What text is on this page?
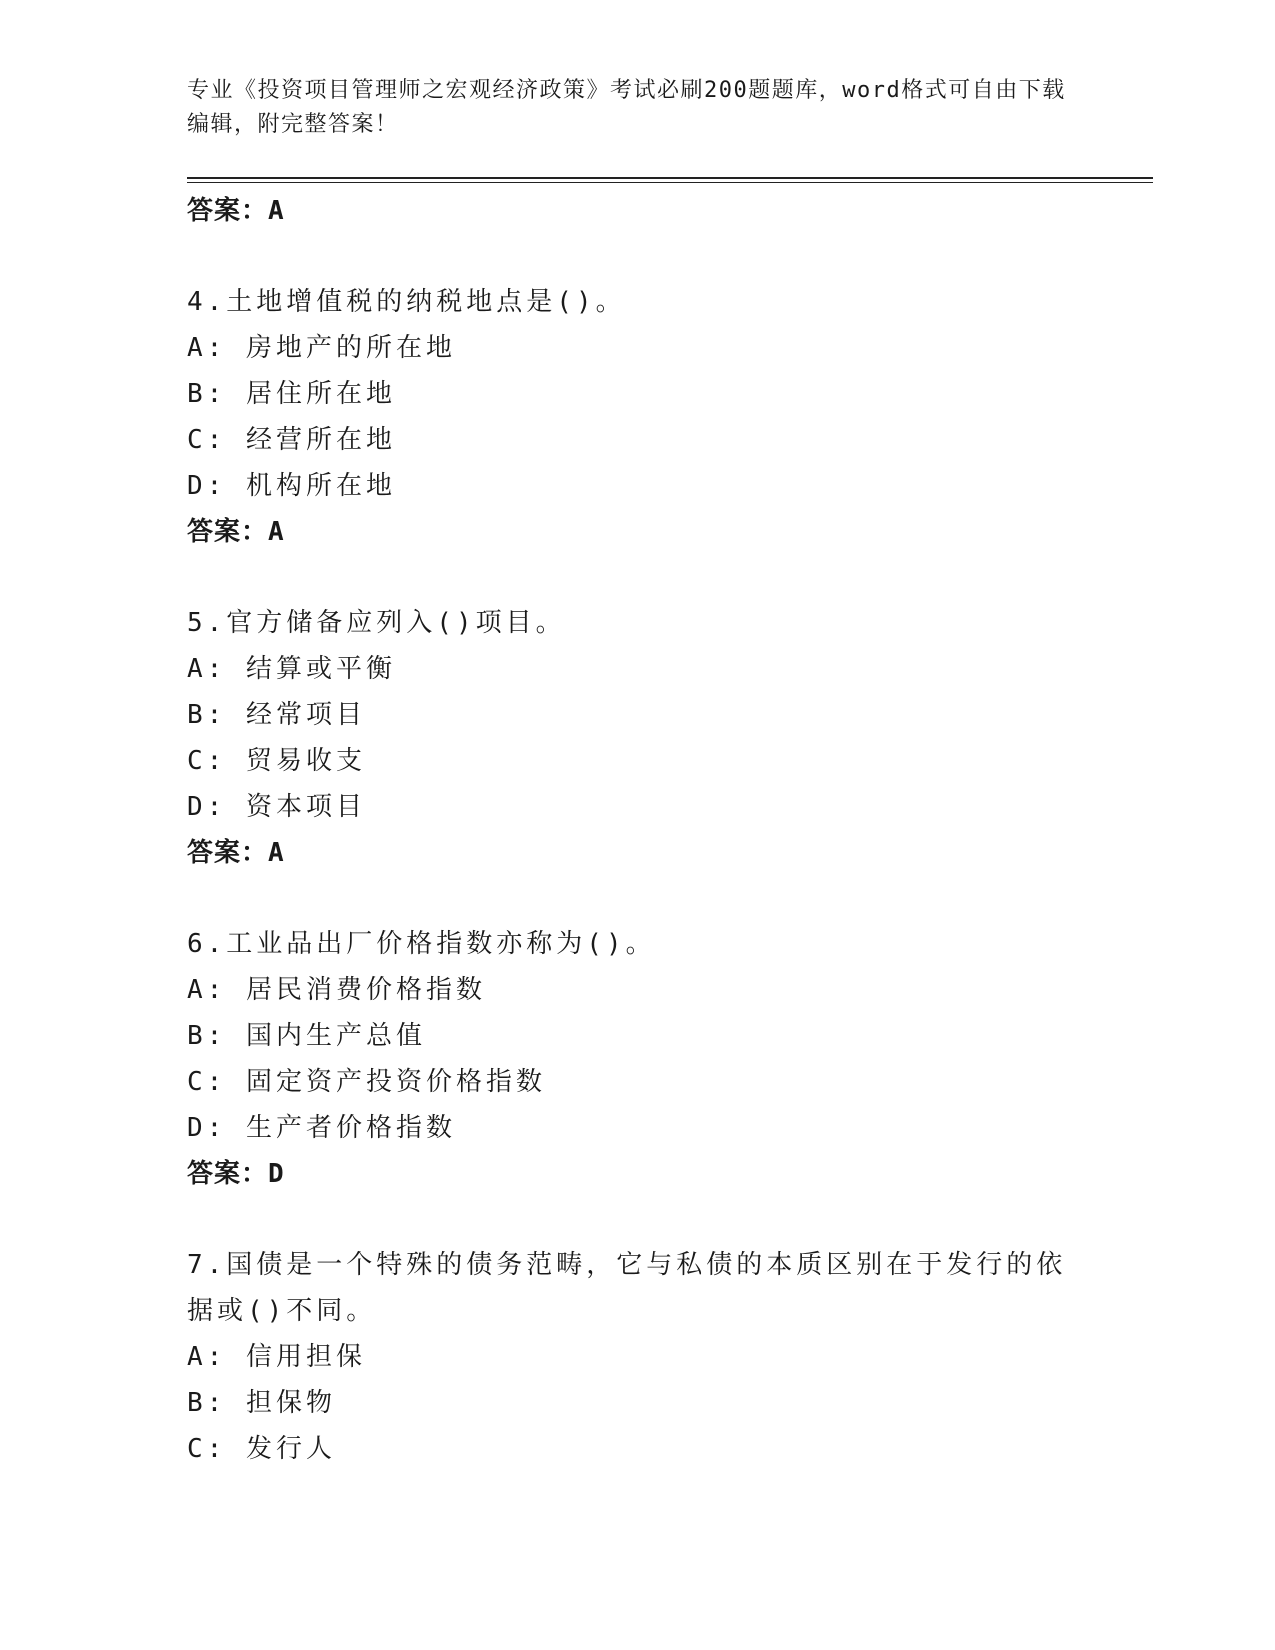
专业《投资项目管理师之宏观经济政策》考试必刷200题题库，word格式可自由下载编辑，附完整答案！
答案：A
4.土地增值税的纳税地点是()。
A: 房地产的所在地
B: 居住所在地
C: 经营所在地
D: 机构所在地
答案：A
5.官方储备应列入()项目。
A: 结算或平衡
B: 经常项目
C: 贸易收支
D: 资本项目
答案：A
6.工业品出厂价格指数亦称为()。
A: 居民消费价格指数
B: 国内生产总值
C: 固定资产投资价格指数
D: 生产者价格指数
答案：D
7.国债是一个特殊的债务范畴，它与私债的本质区别在于发行的依据或()不同。
A: 信用担保
B: 担保物
C: 发行人
